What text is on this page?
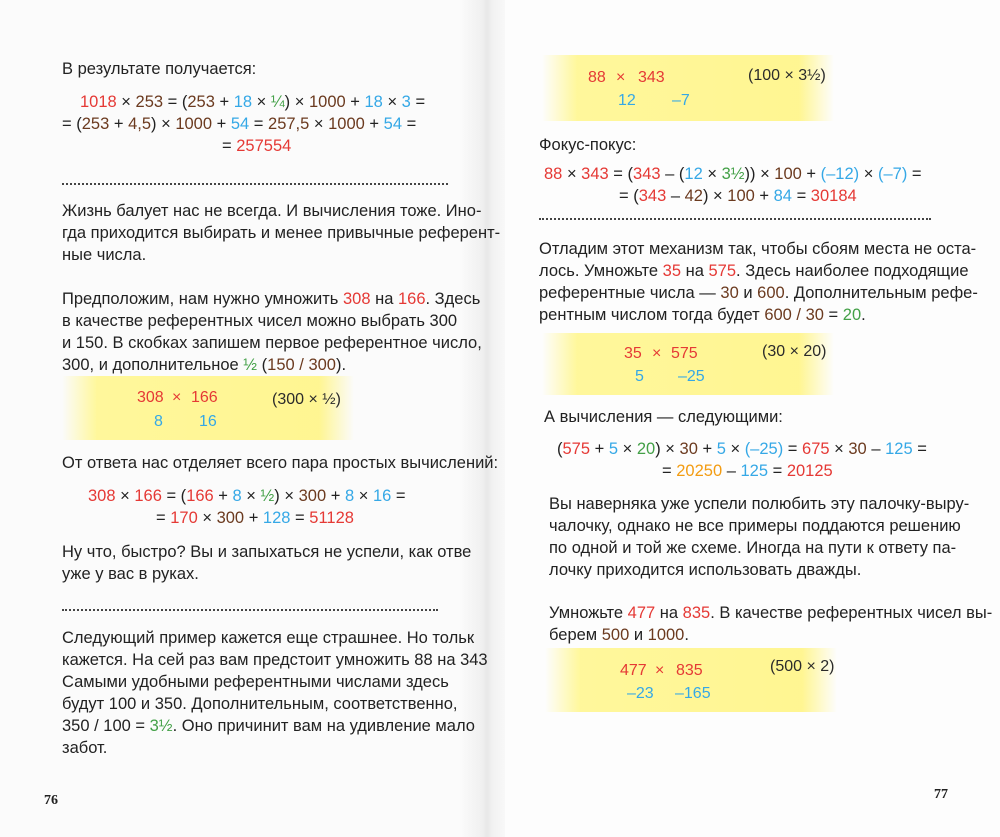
В результате получается:
1018 × 253 = (253 + 18 × ¼) × 1000 + 18 × 3 =
= (253 + 4,5) × 1000 + 54 = 257,5 × 1000 + 54 =
= 257554
Жизнь балует нас не всегда. И вычисления тоже. Ино-
гда приходится выбирать и менее привычные референт-
ные числа.
Предположим, нам нужно умножить 308 на 166. Здесь
в качестве референтных чисел можно выбрать 300
и 150. В скобках запишем первое референтное число,
300, и дополнительное ½ (150 / 300).
308 × 166	(300 × ½)
8 16
От ответа нас отделяет всего пара простых вычислений:
308 × 166 = (166 + 8 × ½) × 300 + 8 × 16 =
= 170 × 300 + 128 = 51128
Ну что, быстро? Вы и запыхаться не успели, как отве
уже у вас в руках.
Следующий пример кажется еще страшнее. Но тольк
кажется. На сей раз вам предстоит умножить 88 на 343
Самыми удобными референтными числами здесь
будут 100 и 350. Дополнительным, соответственно,
350 / 100 = 3½. Оно причинит вам на удивление мало
забот.
76
88 × 343	(100 × 3½)
12 –7
Фокус-покус:
88 × 343 = (343 – (12 × 3½)) × 100 + (–12) × (–7) =
= (343 – 42) × 100 + 84 = 30184
Отладим этот механизм так, чтобы сбоям места не оста-
лось. Умножьте 35 на 575. Здесь наиболее подходящие
референтные числа — 30 и 600. Дополнительным рефе-
рентным числом тогда будет 600 / 30 = 20.
35 × 575	(30 × 20)
5 –25
А вычисления — следующими:
(575 + 5 × 20) × 30 + 5 × (–25) = 675 × 30 – 125 =
= 20250 – 125 = 20125
Вы наверняка уже успели полюбить эту палочку-выру-
чалочку, однако не все примеры поддаются решению
по одной и той же схеме. Иногда на пути к ответу па-
лочку приходится использовать дважды.
Умножьте 477 на 835. В качестве референтных чисел вы-
берем 500 и 1000.
477 × 835	(500 × 2)
–23 –165
77
